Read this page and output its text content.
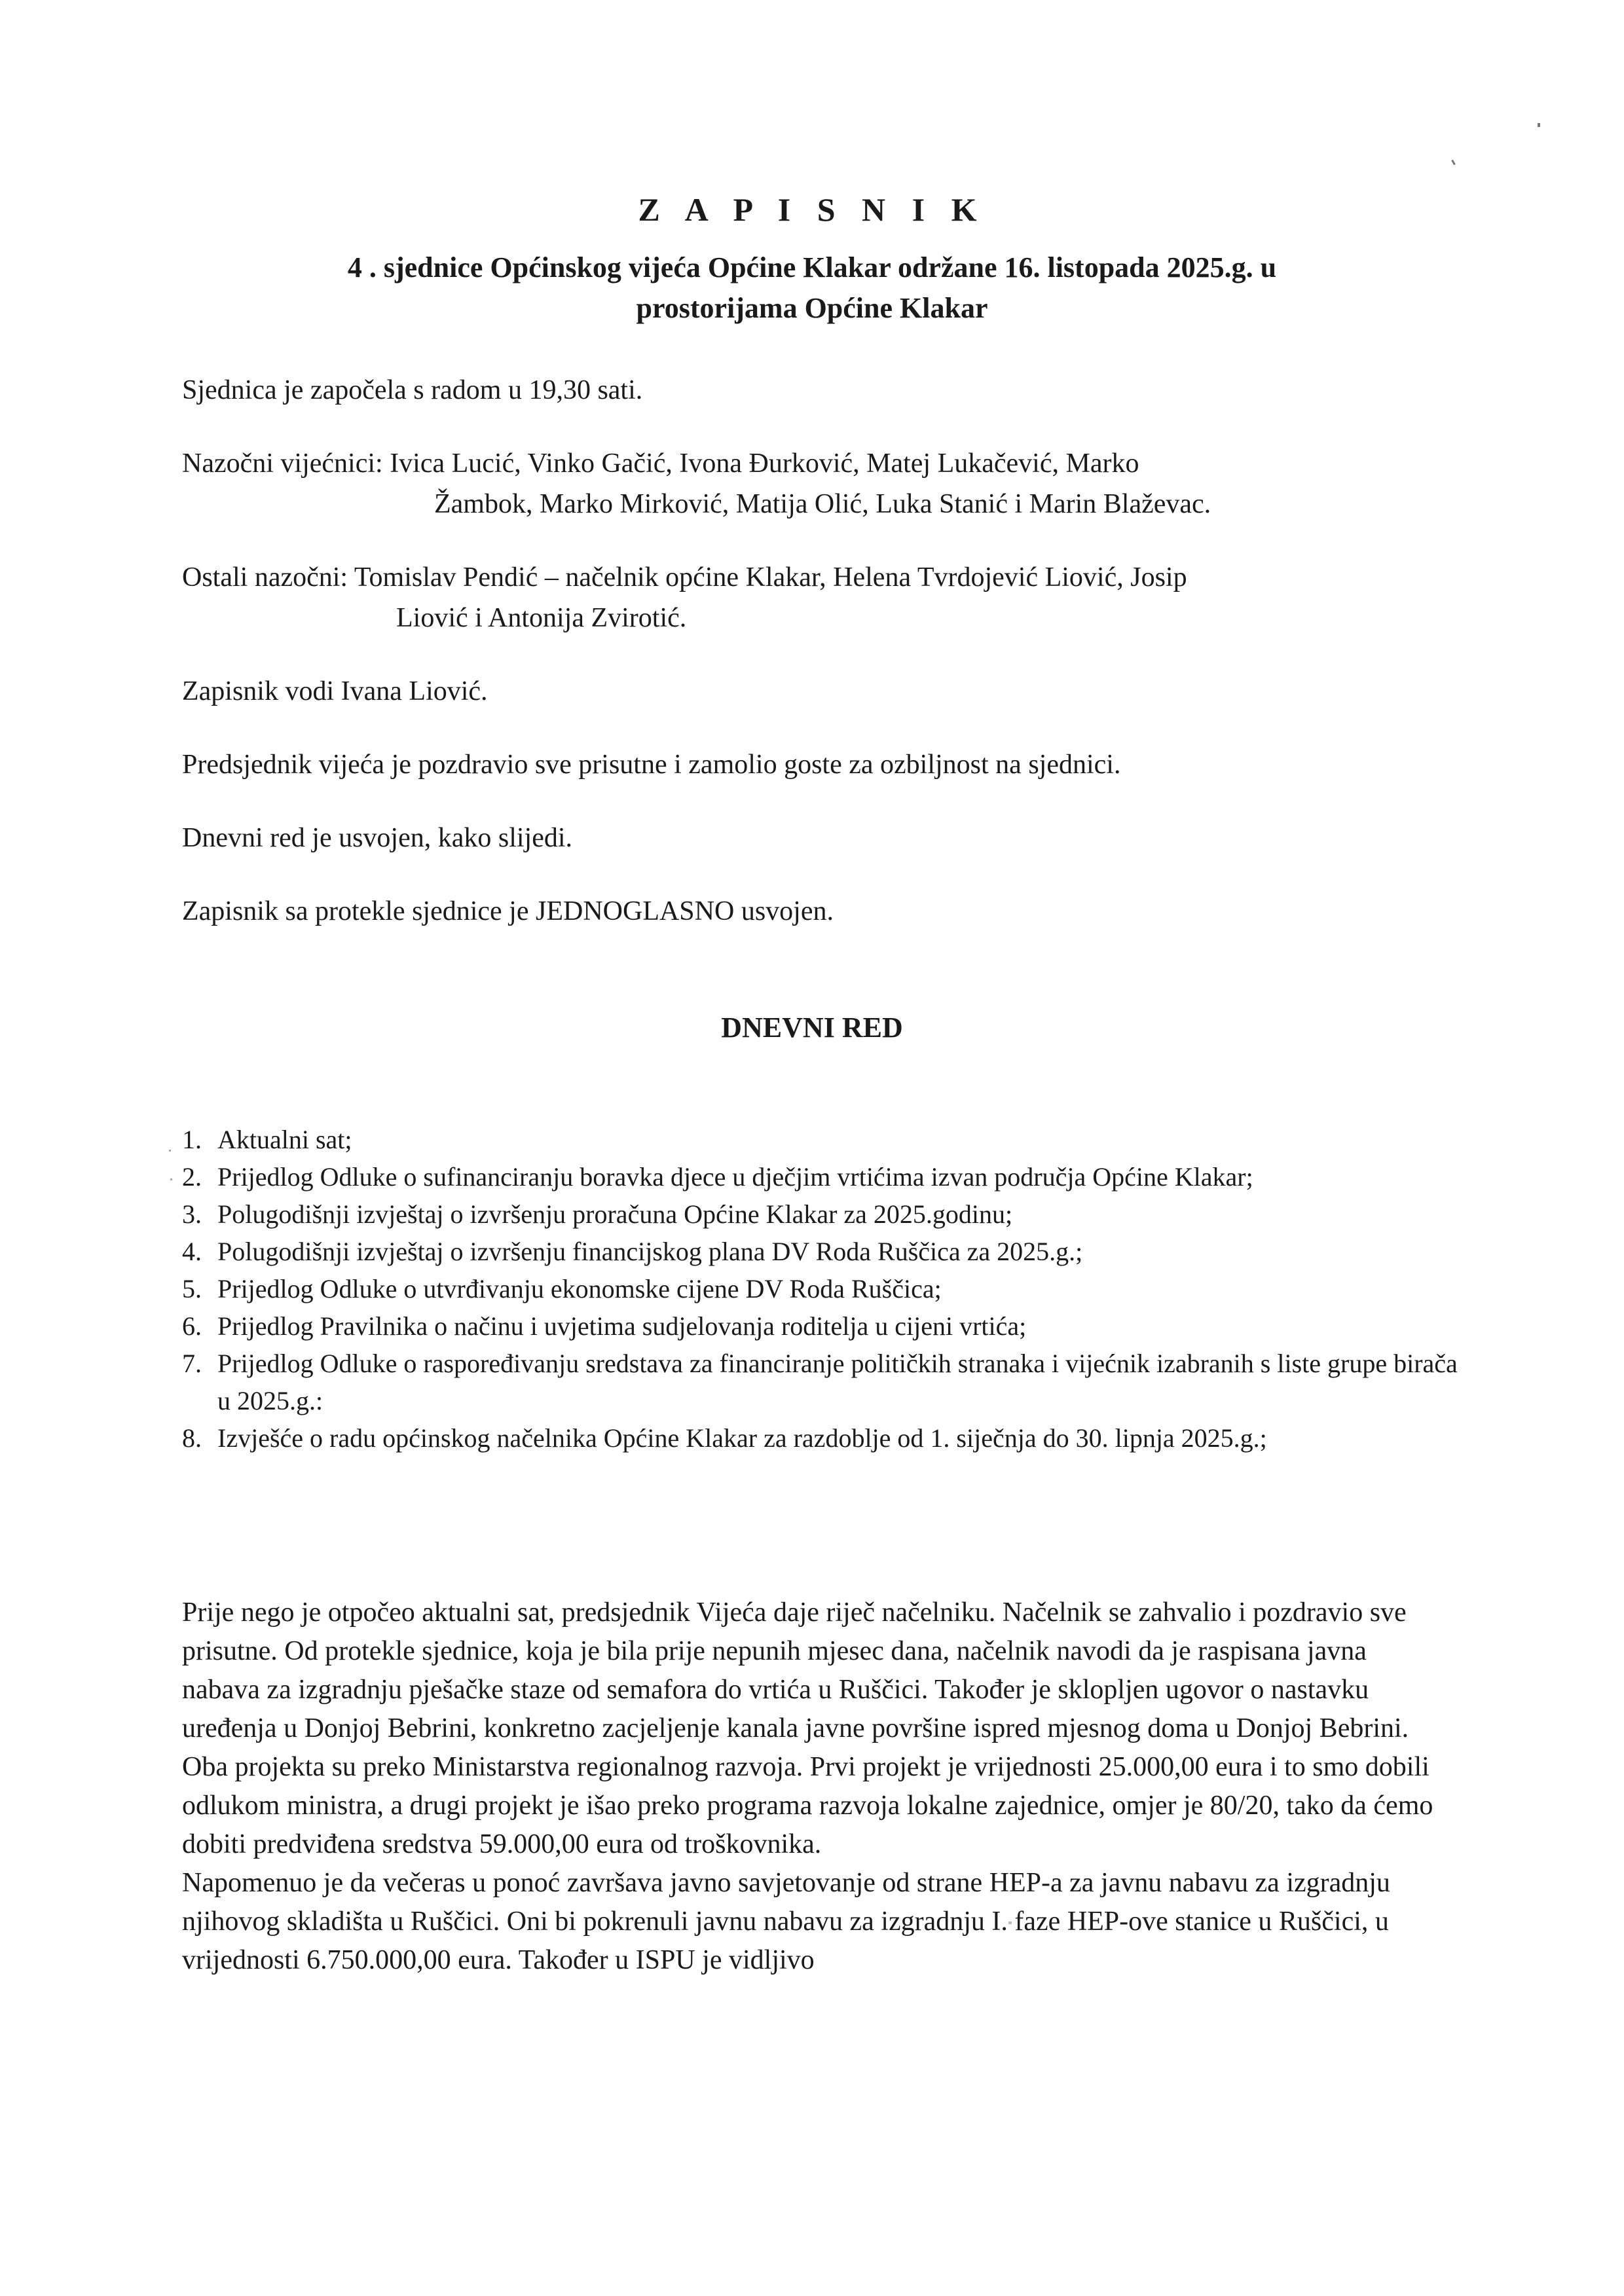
Z A P I S N I K
4 . sjednice Općinskog vijeća Općine Klakar održane 16. listopada 2025.g. u
prostorijama Općine Klakar
Sjednica je započela s radom u 19,30 sati.
Nazočni vijećnici: Ivica Lucić, Vinko Gačić, Ivona Đurković, Matej Lukačević, Marko
Žambok, Marko Mirković, Matija Olić, Luka Stanić i Marin Blaževac.
Ostali nazočni: Tomislav Pendić – načelnik općine Klakar, Helena Tvrdojević Liović, Josip
Liović i Antonija Zvirotić.
Zapisnik vodi Ivana Liović.
Predsjednik vijeća je pozdravio sve prisutne i zamolio goste za ozbiljnost na sjednici.
Dnevni red je usvojen, kako slijedi.
Zapisnik sa protekle sjednice je JEDNOGLASNO usvojen.
DNEVNI RED
1. Aktualni sat;
2. Prijedlog Odluke o sufinanciranju boravka djece u dječjim vrtićima izvan područja Općine Klakar;
3. Polugodišnji izvještaj o izvršenju proračuna Općine Klakar za 2025.godinu;
4. Polugodišnji izvještaj o izvršenju financijskog plana DV Roda Ruščica za 2025.g.;
5. Prijedlog Odluke o utvrđivanju ekonomske cijene DV Roda Ruščica;
6. Prijedlog Pravilnika o načinu i uvjetima sudjelovanja roditelja u cijeni vrtića;
7. Prijedlog Odluke o raspoređivanju sredstava za financiranje političkih stranaka i vijećnik izabranih s liste grupe birača u 2025.g.:
8. Izvješće o radu općinskog načelnika Općine Klakar za razdoblje od 1. siječnja do 30. lipnja 2025.g.;

Prije nego je otpočeo aktualni sat, predsjednik Vijeća daje riječ načelniku. Načelnik se zahvalio i pozdravio sve prisutne. Od protekle sjednice, koja je bila prije nepunih mjesec dana, načelnik navodi da je raspisana javna nabava za izgradnju pješačke staze od semafora do vrtića u Ruščici. Također je sklopljen ugovor o nastavku uređenja u Donjoj Bebrini, konkretno zacjeljenje kanala javne površine ispred mjesnog doma u Donjoj Bebrini. Oba projekta su preko Ministarstva regionalnog razvoja. Prvi projekt je vrijednosti 25.000,00 eura i to smo dobili odlukom ministra, a drugi projekt je išao preko programa razvoja lokalne zajednice, omjer je 80/20, tako da ćemo dobiti predviđena sredstva 59.000,00 eura od troškovnika.

Napomenuo je da večeras u ponoć završava javno savjetovanje od strane HEP-a za javnu nabavu za izgradnju njihovog skladišta u Ruščici. Oni bi pokrenuli javnu nabavu za izgradnju I. faze HEP-ove stanice u Ruščici, u vrijednosti 6.750.000,00 eura. Također u ISPU je vidljivo
